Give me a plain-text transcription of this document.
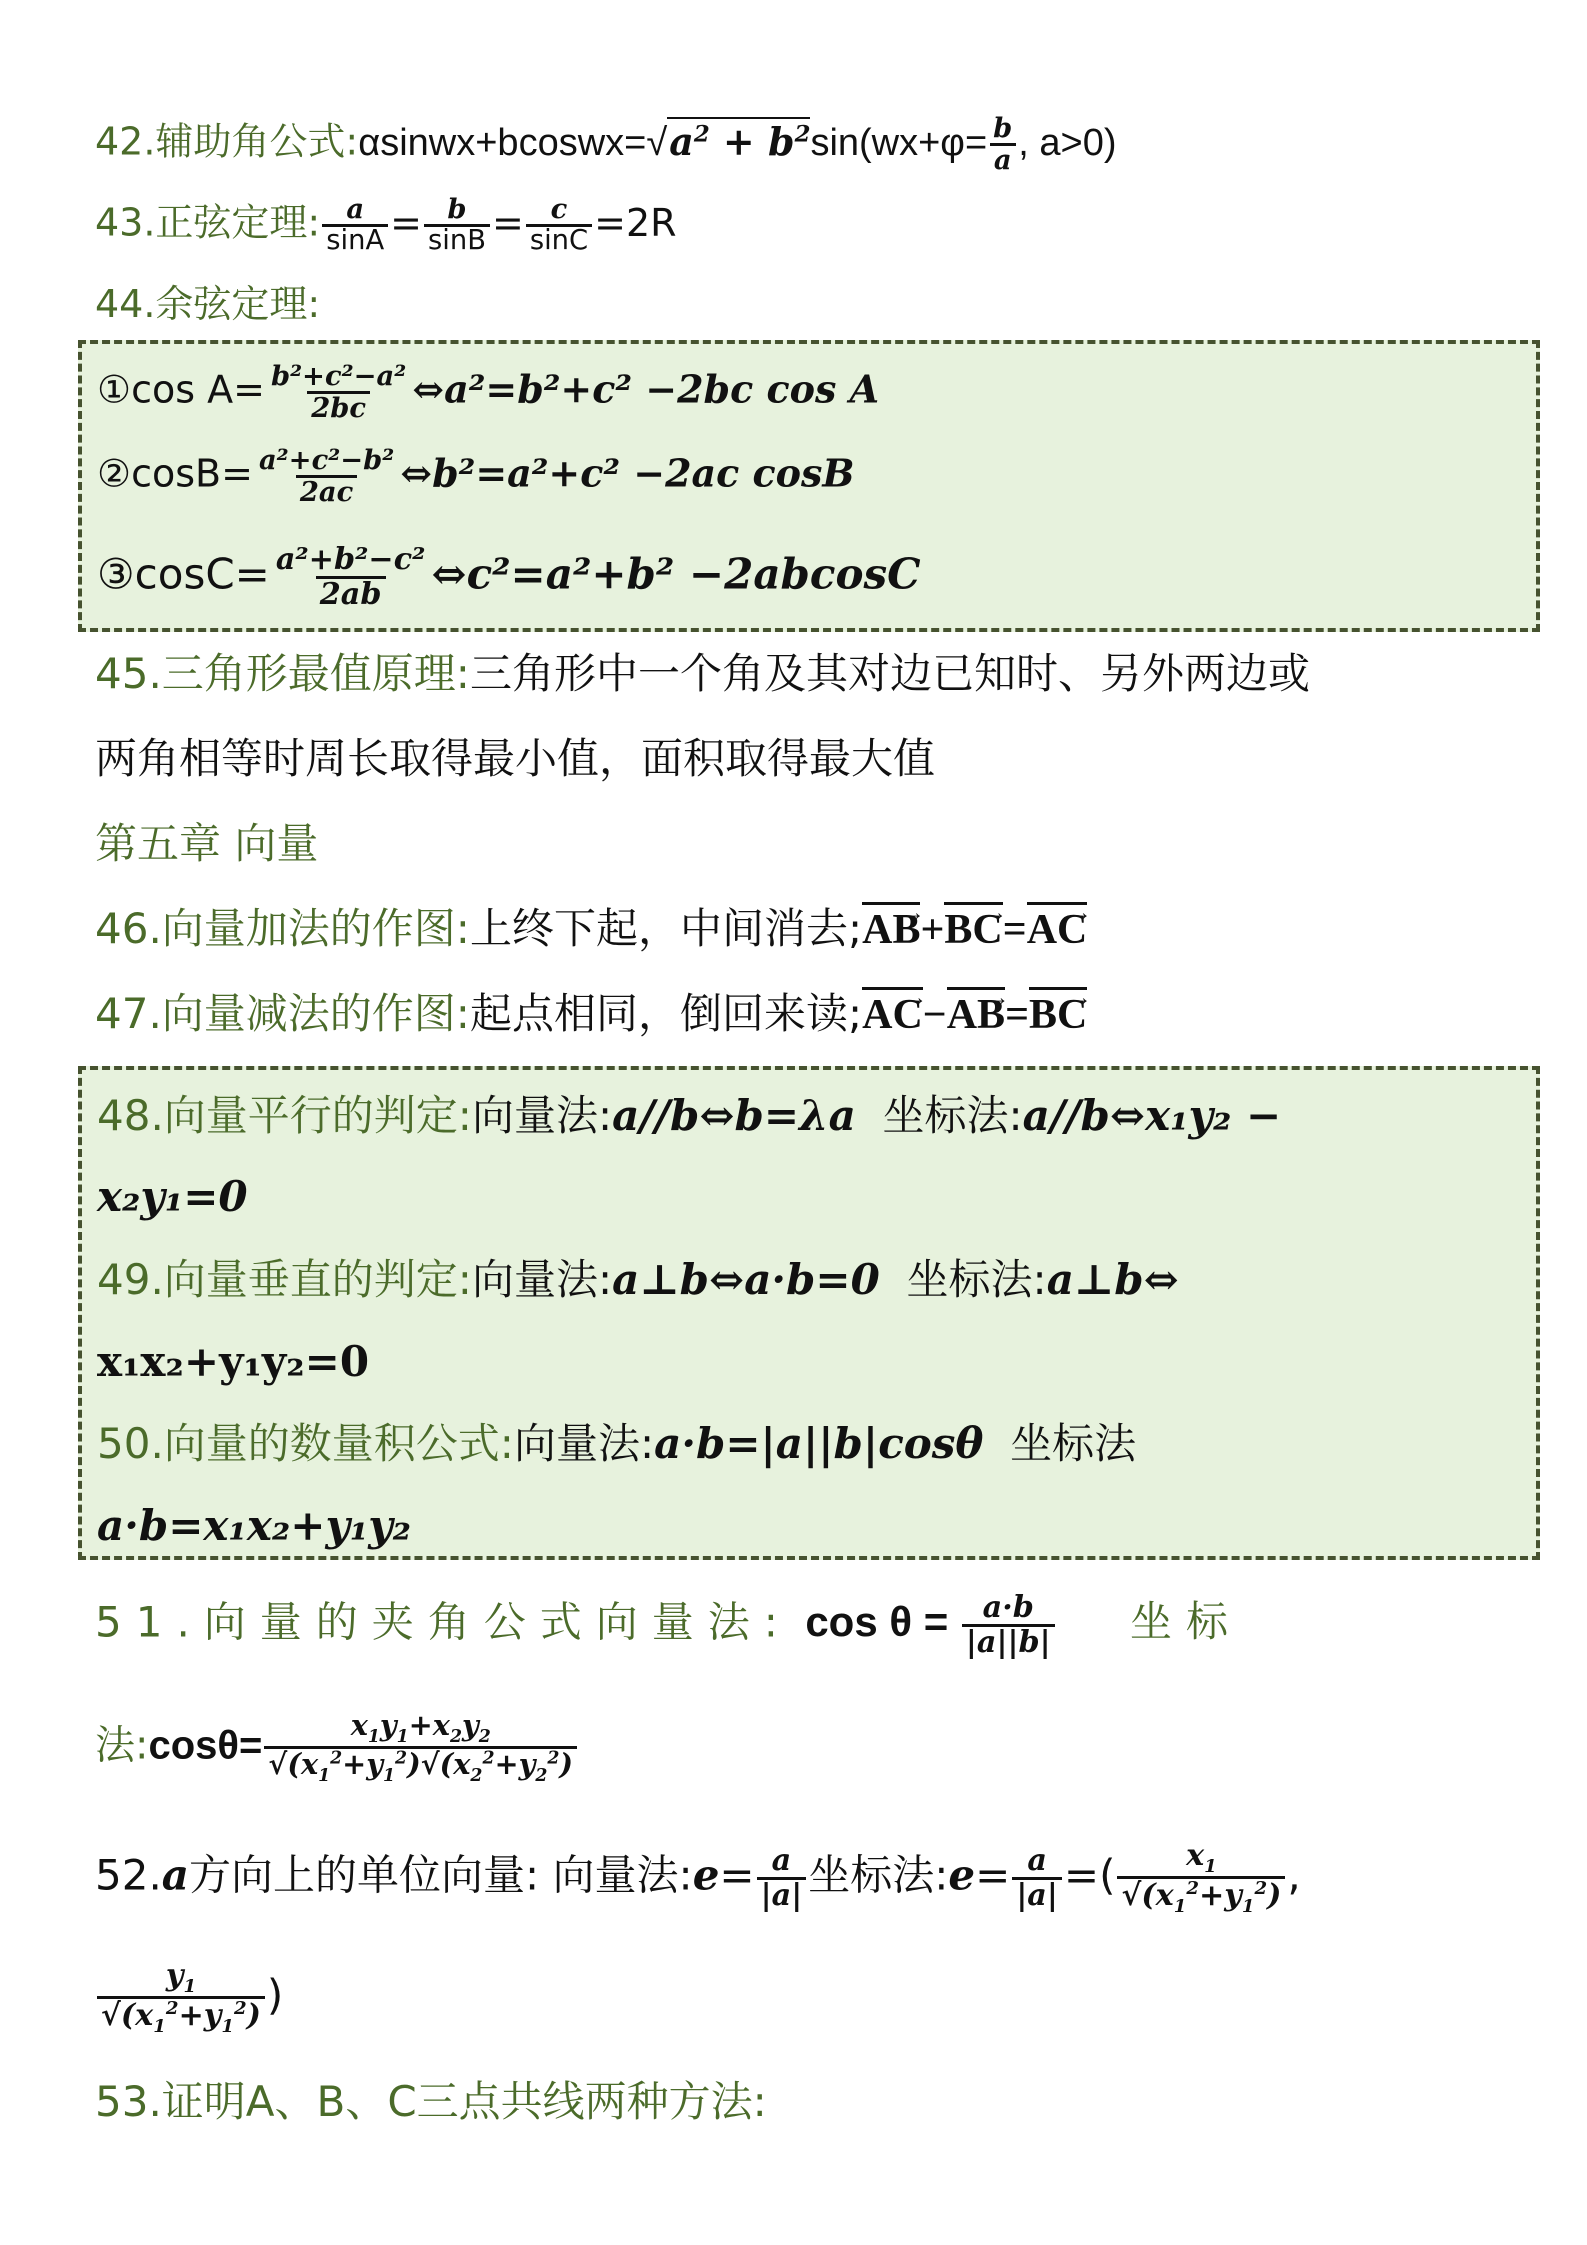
42.辅助角公式$:\alpha sinwx+bcoswx=√a^2 + b^2\sin(wx+\varphi= \frac{b}{a}$ , a>0)
43.正弦定理: $\frac{a}{\sin A} = \frac{b}{\sin B} = \frac{c}{\sin C} =2R$
44.余弦定理:
①cos $A= \frac{\text{b²+c²−a²}}{2bc}$ ⇔a²=b²+c² −2bc cos A
②cosB= $\frac{\text{a²+c²−b²}}{2ac}$ ⇔b²=a²+c² −2ac cosB
③cosC= $\frac{\text{a²+b²−c²}}{2ab}$ ⇔c²=a²+b² −2abcosC
45.三角形最值原理:三角形中一个角及其对边已知时、另外两边或
两角相等时周长取得最小值，面积取得最大值
第五章 向量
46.向量加法的作图:上终下起，中间消去;AB →+BC →=AC →
47.向量减法的作图:起点相同，倒回来读;AC →−AB →=BC →
48.向量平行的判定:向量法:a//b⇔b=λa 坐标法:a//b⇔x₁y₂ −
x₂y₁=0
49.向量垂直的判定:向量法:a⊥b⇔a·b=0 坐标法:a⊥b⇔
x₁x₂+y₁y₂=0
50.向量的数量积公式:向量法:a·b=|a||b|cosθ 坐标法
a·b=x₁x₂+y₁y₂
51.向量的夹角公式向量法: $\cos \theta = \frac{a\cdot b}{|a||b|}$ 坐标
法:cosθ= $\frac{x_1y_1+x_2y_2}{√(x_1^2+y_1^2)√(x_2^2+y_2^2)}$
52.a方向上的单位向量: 向量法:e= $\frac{a}{|a|}$ 坐标法:e= $\frac{a}{|a|}$ =( $\frac{x_1}{√(x_1^2+y_1^2)}$ ,
$\frac{y_1}{√(x_1^2+y_1^2)}$ )
53.证明A、B、C三点共线两种方法:
